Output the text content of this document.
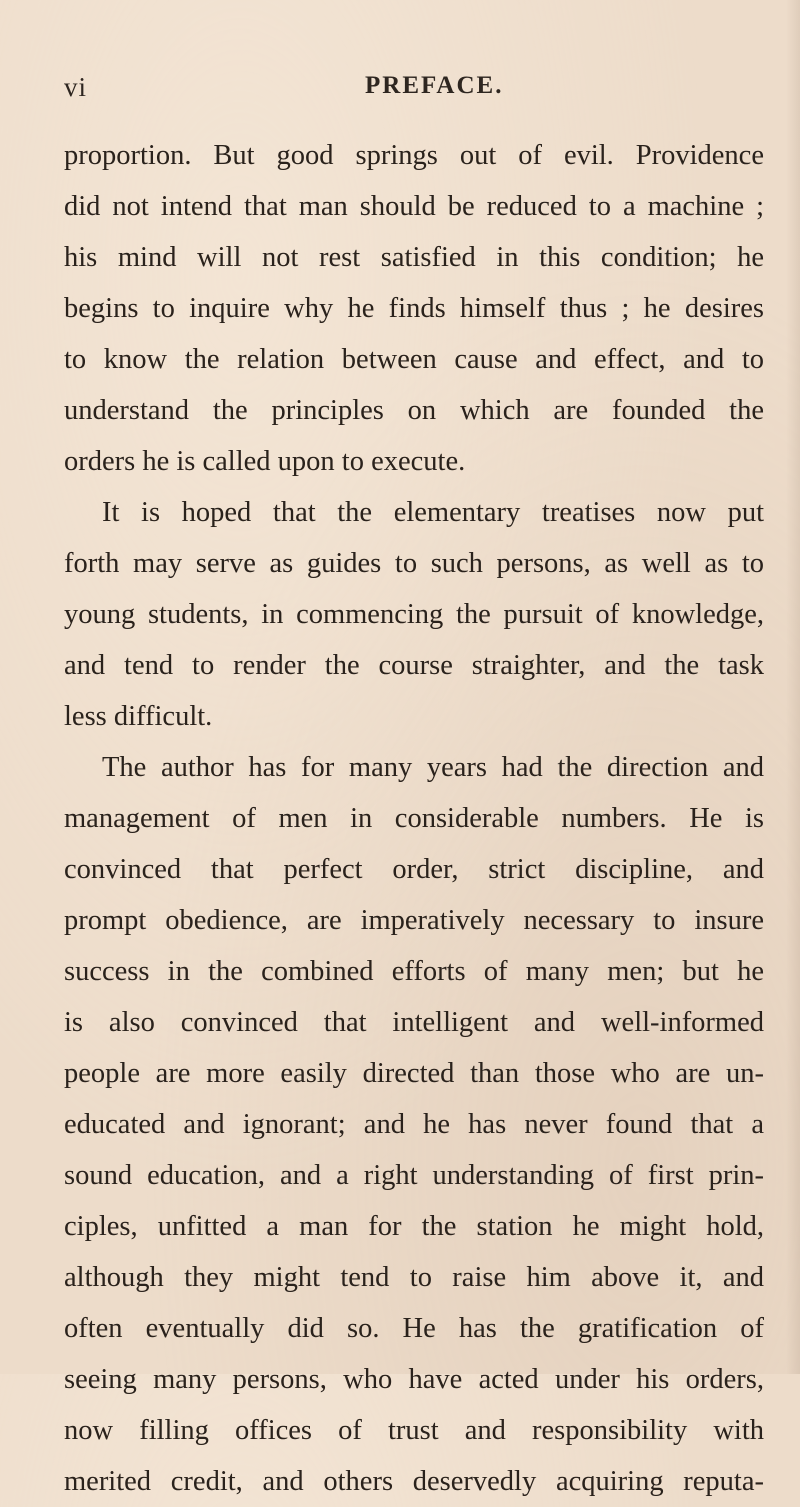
vi	PREFACE.
proportion. But good springs out of evil. Providence
did not intend that man should be reduced to a machine ;
his mind will not rest satisfied in this condition; he
begins to inquire why he finds himself thus ; he desires
to know the relation between cause and effect, and to
understand the principles on which are founded the
orders he is called upon to execute.
It is hoped that the elementary treatises now put
forth may serve as guides to such persons, as well as to
young students, in commencing the pursuit of knowledge,
and tend to render the course straighter, and the task
less difficult.
The author has for many years had the direction and
management of men in considerable numbers. He is
convinced that perfect order, strict discipline, and
prompt obedience, are imperatively necessary to insure
success in the combined efforts of many men; but he
is also convinced that intelligent and well-informed
people are more easily directed than those who are un-
educated and ignorant; and he has never found that a
sound education, and a right understanding of first prin-
ciples, unfitted a man for the station he might hold,
although they might tend to raise him above it, and
often eventually did so. He has the gratification of
seeing many persons, who have acted under his orders,
now filling offices of trust and responsibility with
merited credit, and others deservedly acquiring reputa-
